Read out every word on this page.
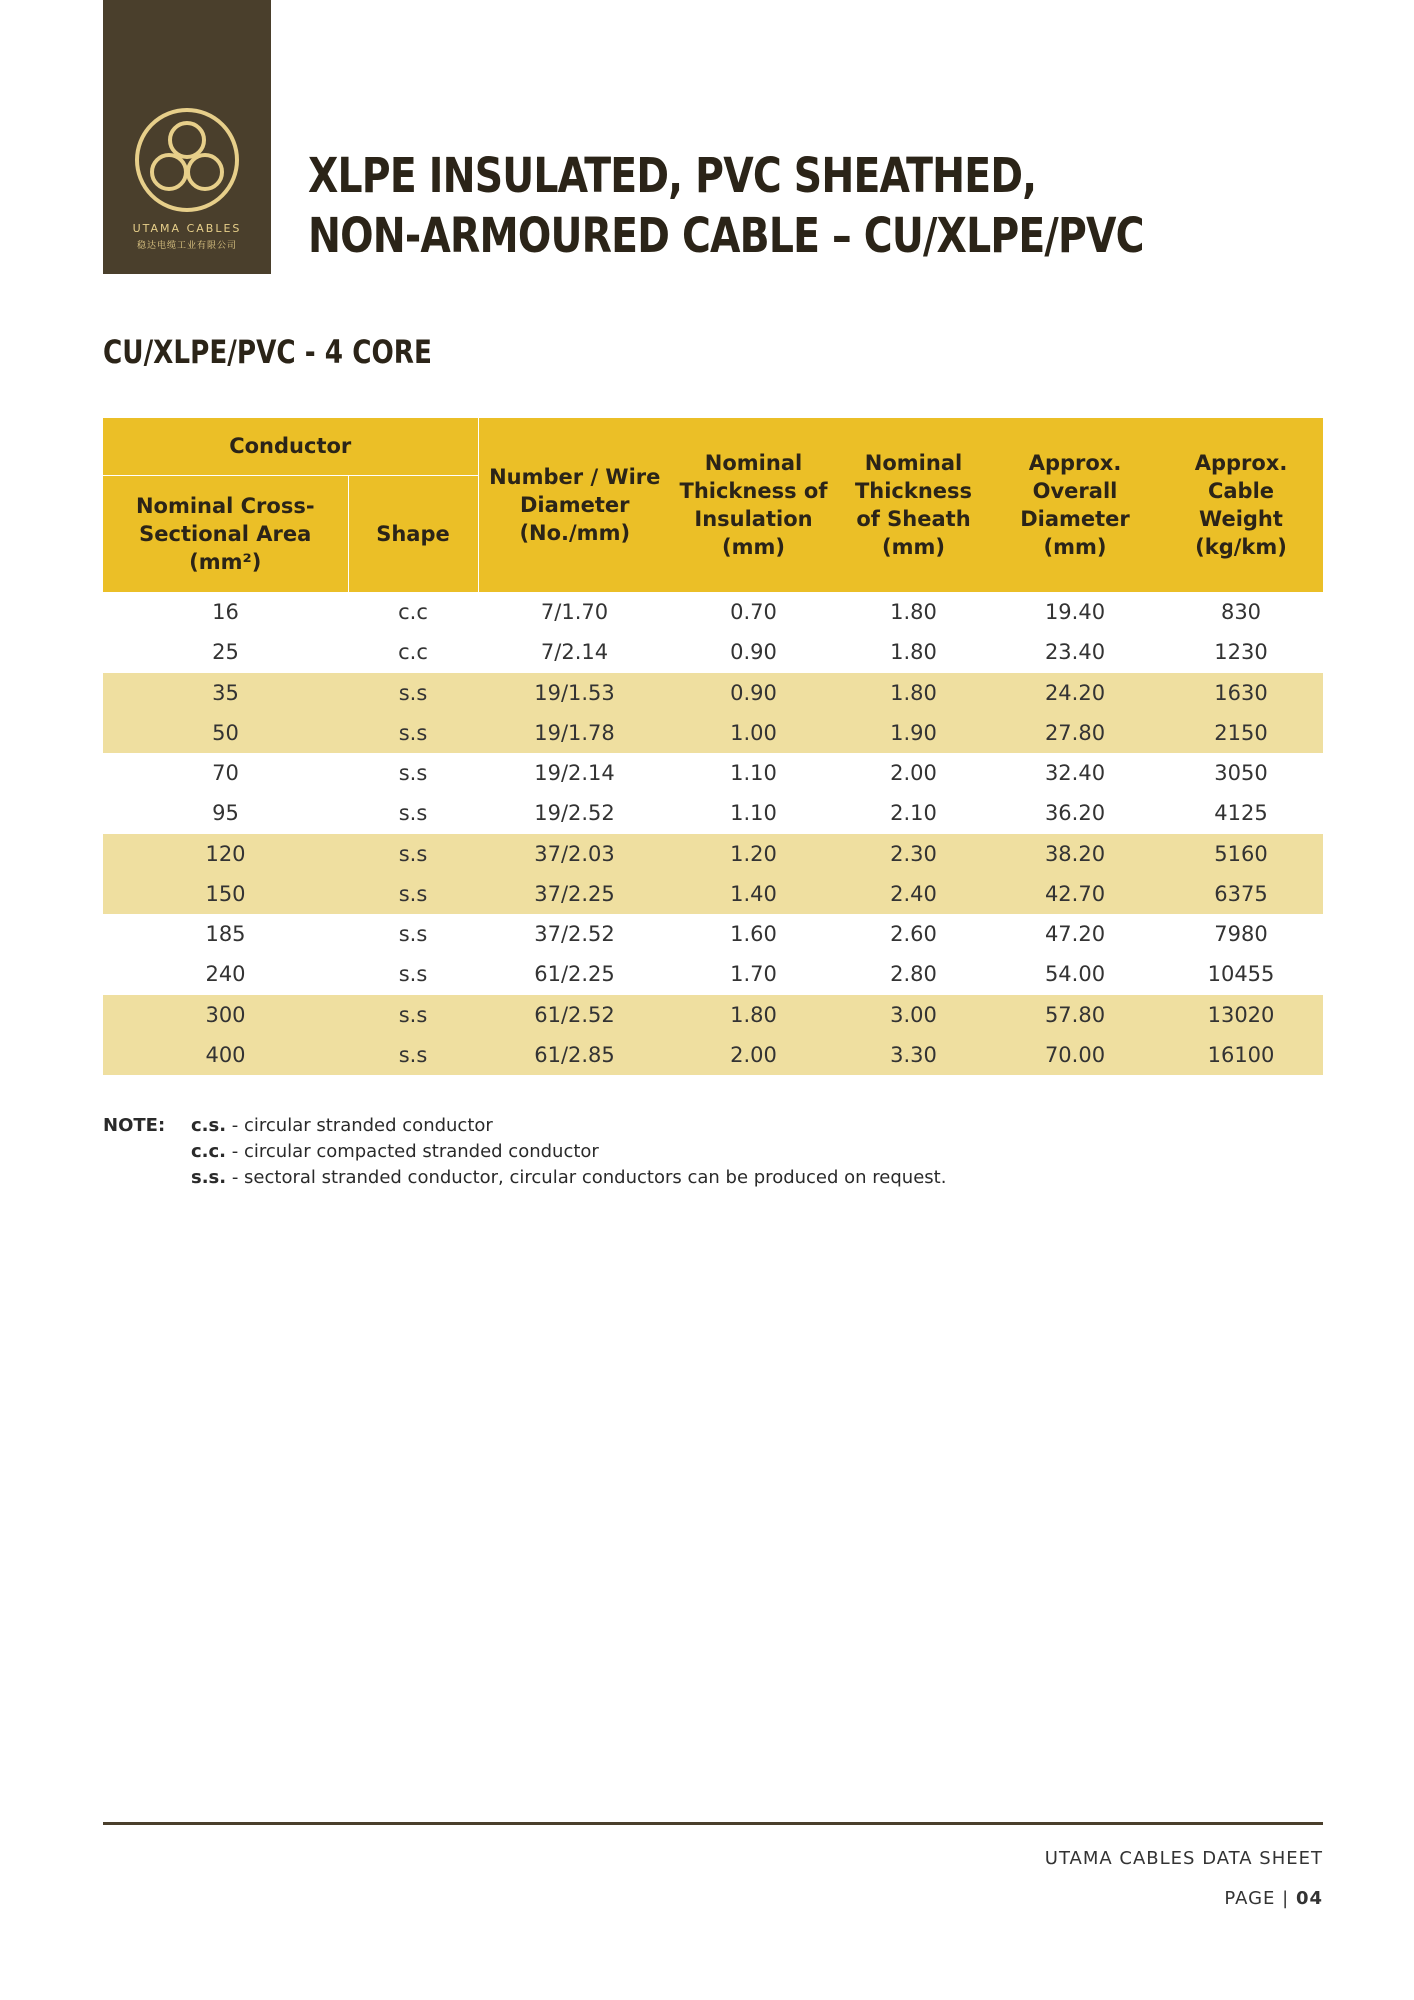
UTAMA CABLES
稳达电缆工业有限公司
XLPE INSULATED, PVC SHEATHED, NON-ARMOURED CABLE – CU/XLPE/PVC
CU/XLPE/PVC - 4 CORE
Conductor		Number / Wire Diameter (No./mm)	Nominal Thickness of Insulation (mm)	Nominal Thickness of Sheath (mm)	Approx. Overall Diameter (mm)	Approx. Cable Weight (kg/km)
Nominal Cross-Sectional Area (mm²)	Shape					
16	c.c	7/1.70	0.70	1.80	19.40	830
25	c.c	7/2.14	0.90	1.80	23.40	1230
35	s.s	19/1.53	0.90	1.80	24.20	1630
50	s.s	19/1.78	1.00	1.90	27.80	2150
70	s.s	19/2.14	1.10	2.00	32.40	3050
95	s.s	19/2.52	1.10	2.10	36.20	4125
120	s.s	37/2.03	1.20	2.30	38.20	5160
150	s.s	37/2.25	1.40	2.40	42.70	6375
185	s.s	37/2.52	1.60	2.60	47.20	7980
240	s.s	61/2.25	1.70	2.80	54.00	10455
300	s.s	61/2.52	1.80	3.00	57.80	13020
400	s.s	61/2.85	2.00	3.30	70.00	16100
NOTE: c.s. - circular stranded conductor
c.c. - circular compacted stranded conductor
s.s. - sectoral stranded conductor, circular conductors can be produced on request.
UTAMA CABLES DATA SHEET
PAGE | 04
